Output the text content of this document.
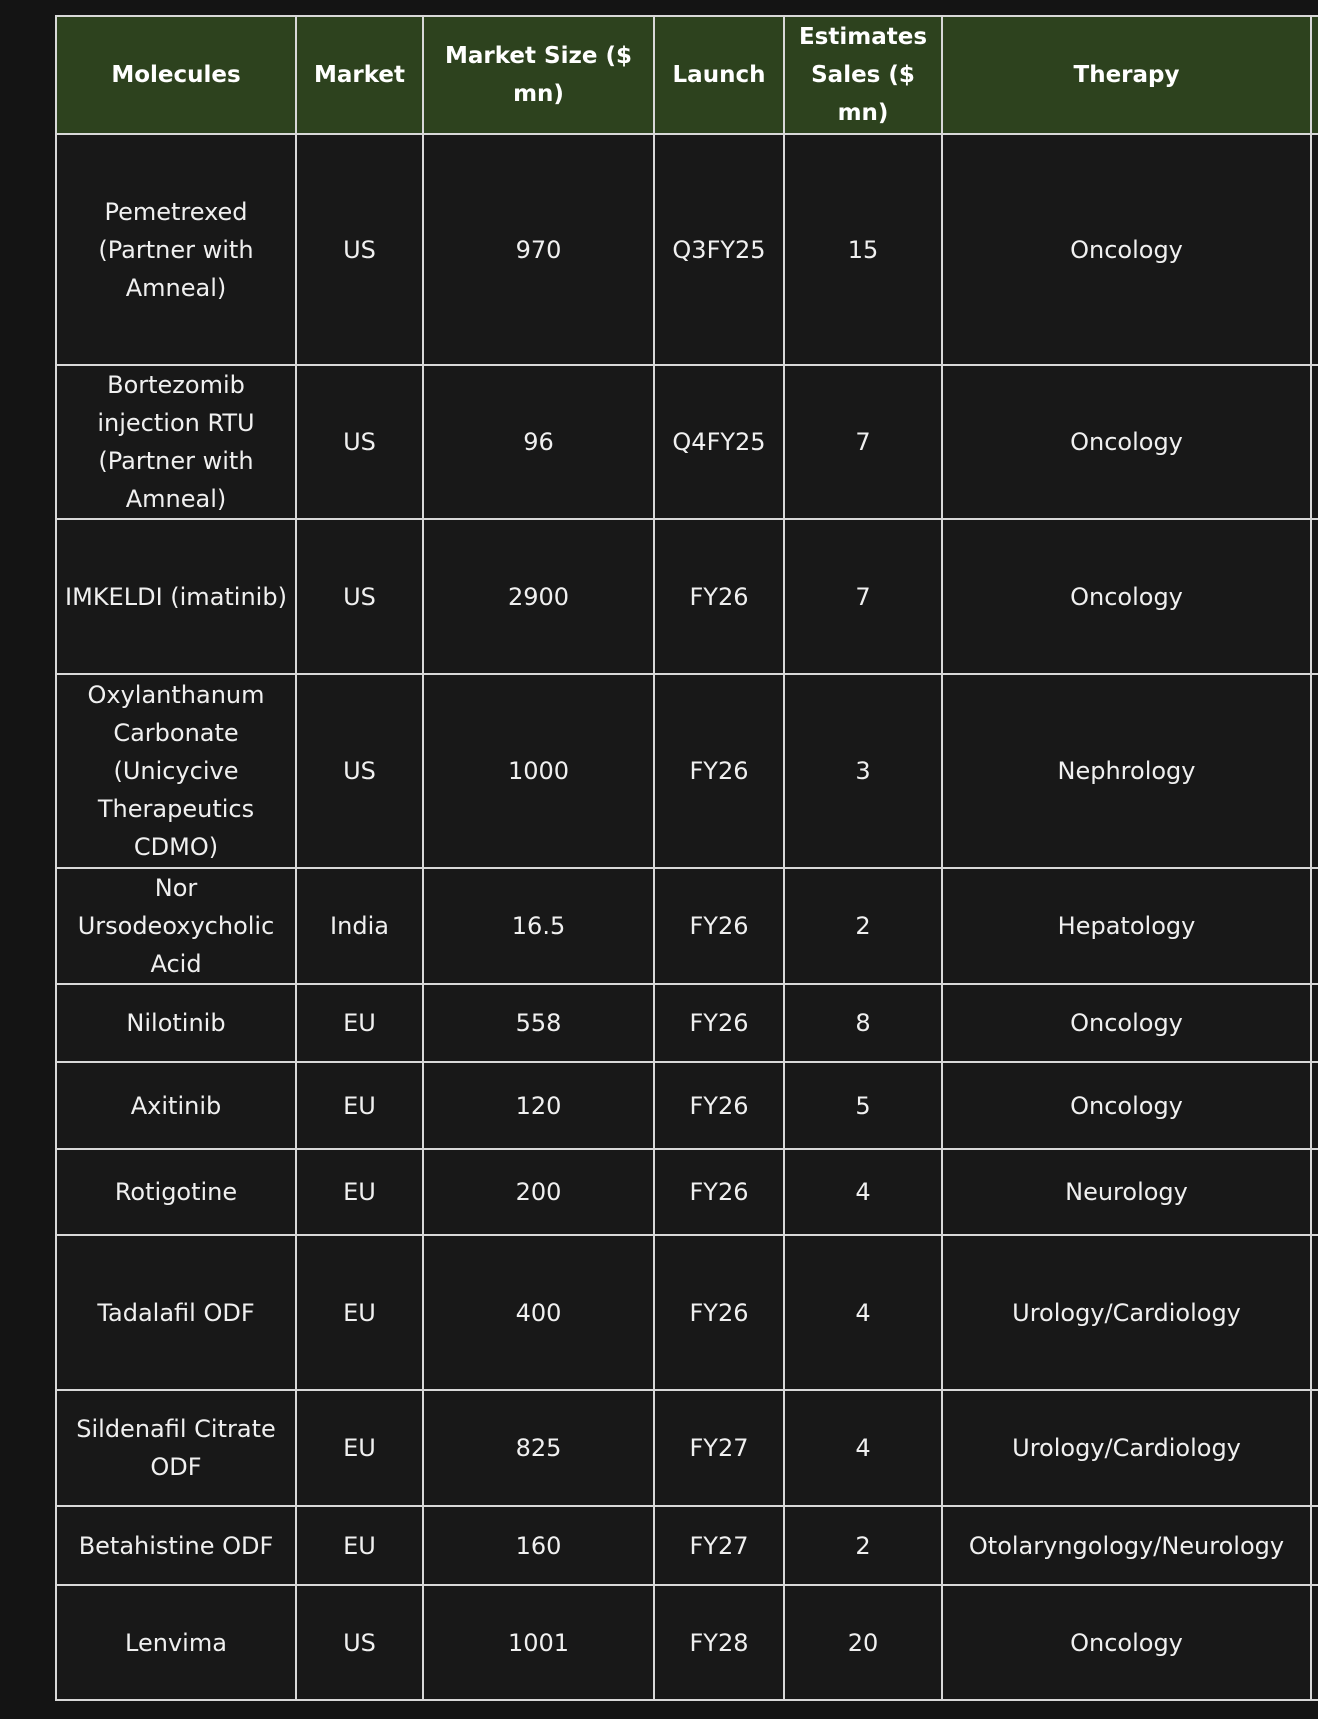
Molecules	Market	Market Size ($ mn)	Launch	Estimates Sales ($ mn)	Therapy	
Pemetrexed (Partner with Amneal)	US	970	Q3FY25	15	Oncology	
Bortezomib injection RTU (Partner with Amneal)	US	96	Q4FY25	7	Oncology	
IMKELDI (imatinib)	US	2900	FY26	7	Oncology	
Oxylanthanum Carbonate (Unicycive Therapeutics CDMO)	US	1000	FY26	3	Nephrology	
Nor Ursodeoxycholic Acid	India	16.5	FY26	2	Hepatology	
Nilotinib	EU	558	FY26	8	Oncology	
Axitinib	EU	120	FY26	5	Oncology	
Rotigotine	EU	200	FY26	4	Neurology	
Tadalafil ODF	EU	400	FY26	4	Urology/Cardiology	
Sildenafil Citrate ODF	EU	825	FY27	4	Urology/Cardiology	
Betahistine ODF	EU	160	FY27	2	Otolaryngology/Neurology	
Lenvima	US	1001	FY28	20	Oncology	
